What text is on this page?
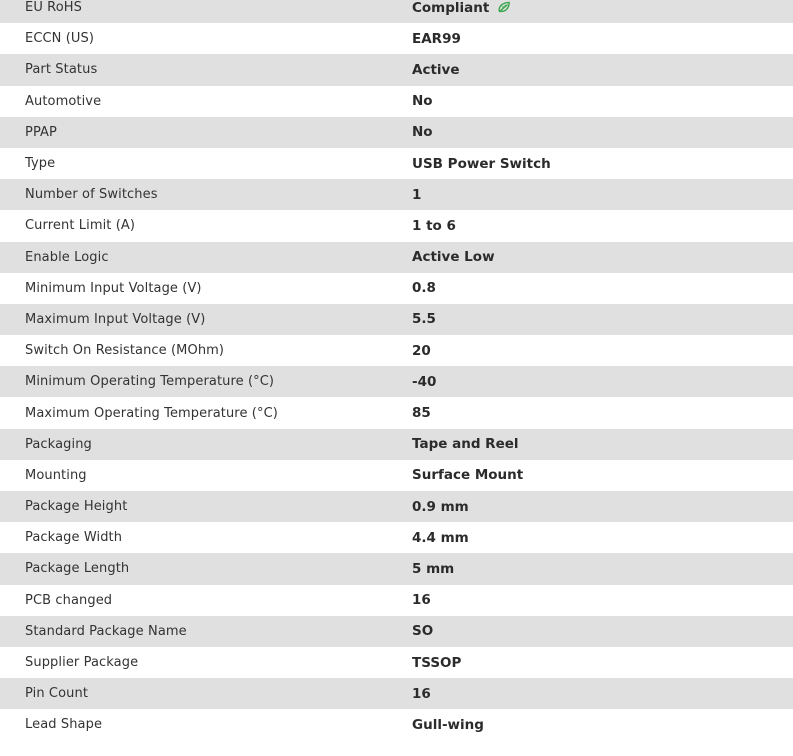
EU RoHS	Compliant

ECCN (US)	EAR99
Part Status	Active
Automotive	No
PPAP	No
Type	USB Power Switch
Number of Switches	1
Current Limit (A)	1 to 6
Enable Logic	Active Low
Minimum Input Voltage (V)	0.8
Maximum Input Voltage (V)	5.5
Switch On Resistance (MOhm)	20
Minimum Operating Temperature (°C)	-40
Maximum Operating Temperature (°C)	85
Packaging	Tape and Reel
Mounting	Surface Mount
Package Height	0.9 mm
Package Width	4.4 mm
Package Length	5 mm
PCB changed	16
Standard Package Name	SO
Supplier Package	TSSOP
Pin Count	16
Lead Shape	Gull-wing
